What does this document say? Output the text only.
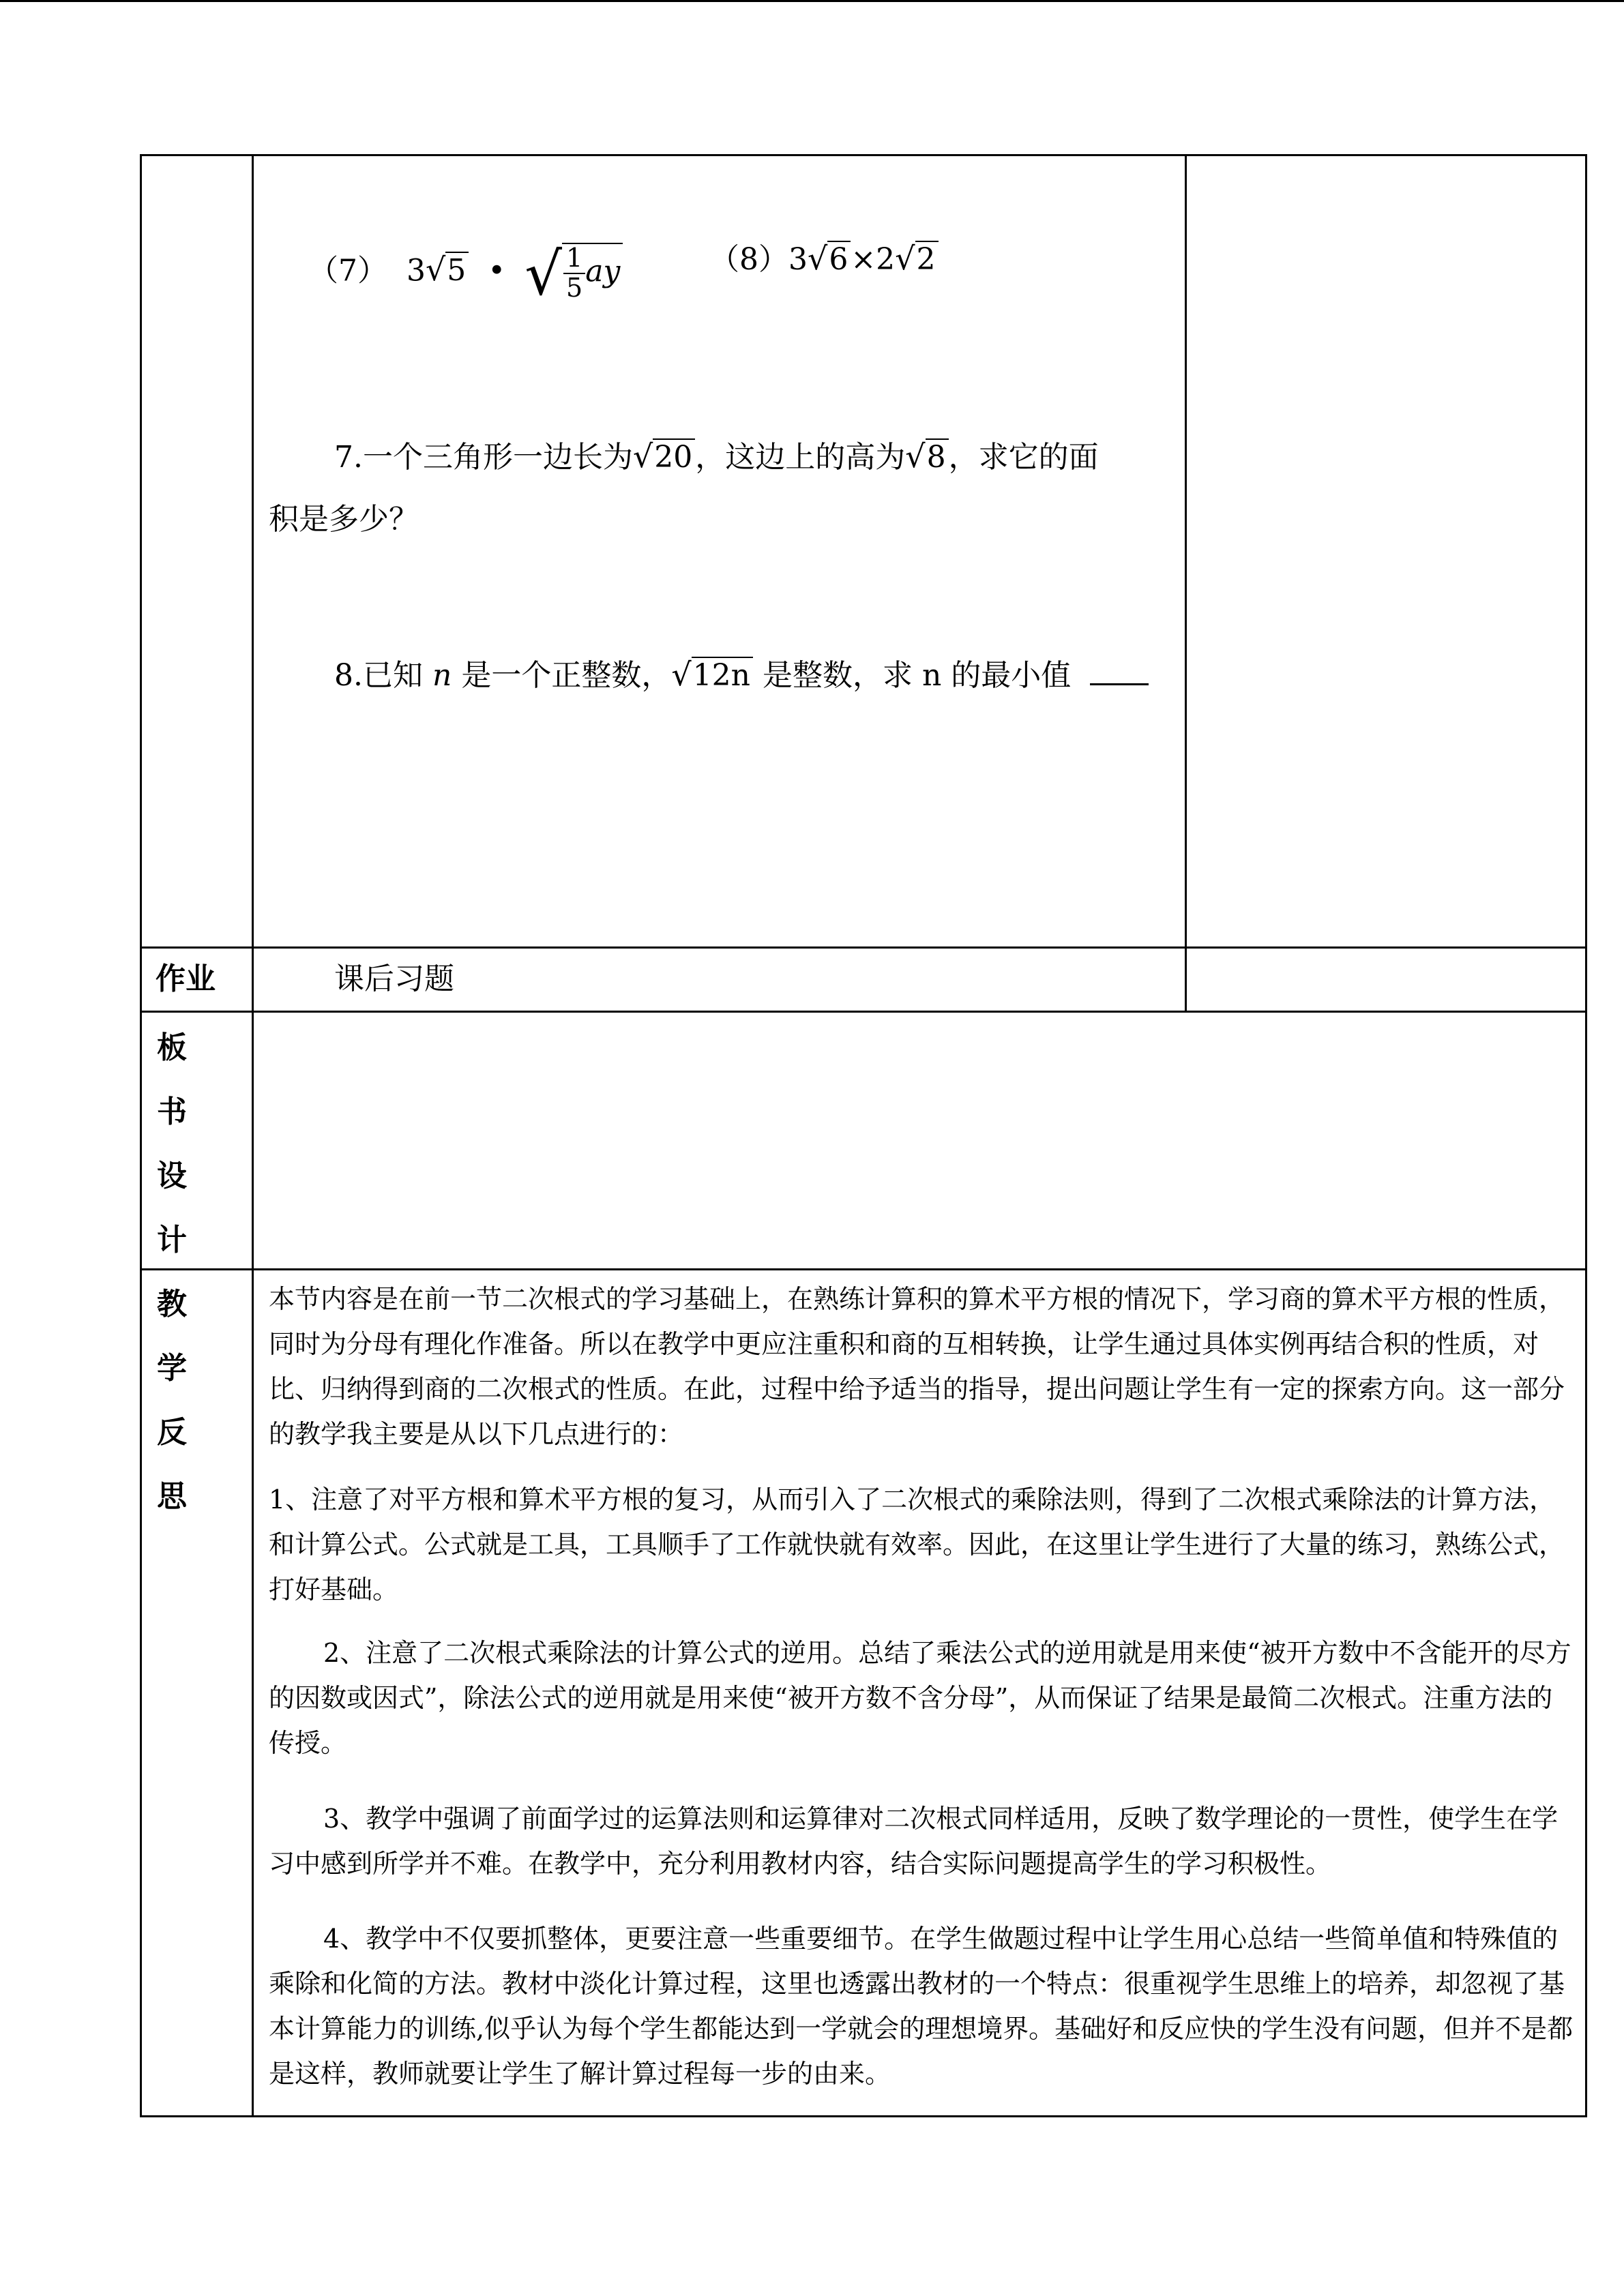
（7） 3√5 • √ $\frac{1}{5}$ ay	（8）3√6×2√2
7.一个三角形一边长为√20，这边上的高为√8，求它的面
积是多少？
8.已知 n 是一个正整数，√12n 是整数，求 n 的最小值
作业	课后习题
板
书
设
计
教
学
反
思
本节内容是在前一节二次根式的学习基础上，在熟练计算积的算术平方根的情况下，学习商的算术平方根的性质，同时为分母有理化作准备。所以在教学中更应注重积和商的互相转换，让学生通过具体实例再结合积的性质，对比、归纳得到商的二次根式的性质。在此，过程中给予适当的指导，提出问题让学生有一定的探索方向。这一部分的教学我主要是从以下几点进行的：
1、注意了对平方根和算术平方根的复习，从而引入了二次根式的乘除法则，得到了二次根式乘除法的计算方法，和计算公式。公式就是工具，工具顺手了工作就快就有效率。因此，在这里让学生进行了大量的练习，熟练公式，打好基础。
2、注意了二次根式乘除法的计算公式的逆用。总结了乘法公式的逆用就是用来使“被开方数中不含能开的尽方的因数或因式”，除法公式的逆用就是用来使“被开方数不含分母”，从而保证了结果是最简二次根式。注重方法的传授。
3、教学中强调了前面学过的运算法则和运算律对二次根式同样适用，反映了数学理论的一贯性，使学生在学习中感到所学并不难。在教学中，充分利用教材内容，结合实际问题提高学生的学习积极性。
4、教学中不仅要抓整体，更要注意一些重要细节。在学生做题过程中让学生用心总结一些简单值和特殊值的乘除和化简的方法。教材中淡化计算过程，这里也透露出教材的一个特点：很重视学生思维上的培养，却忽视了基本计算能力的训练,似乎认为每个学生都能达到一学就会的理想境界。基础好和反应快的学生没有问题，但并不是都是这样，教师就要让学生了解计算过程每一步的由来。
